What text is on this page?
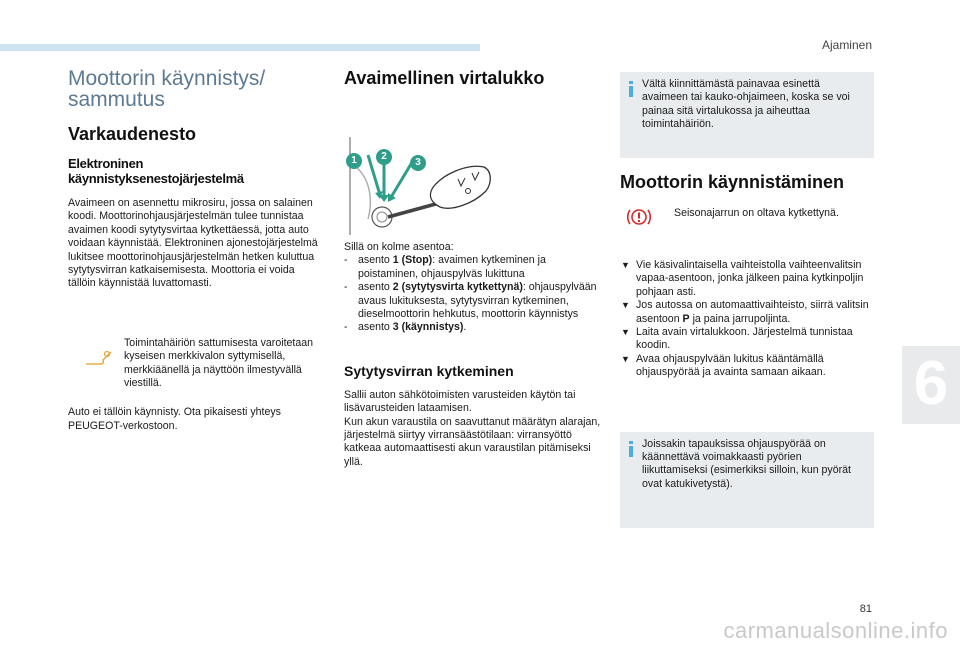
Ajaminen
6
81
carmanualsonline.info
Moottorin käynnistys/
sammutus
Varkaudenesto
Elektroninen käynnistyksenestojärjestelmä

Avaimeen on asennettu mikrosiru, jossa on salainen koodi. Moottorinohjausjärjestelmän tulee tunnistaa avaimen koodi sytytysvirtaa kytkettäessä, jotta auto voidaan käynnistää. Elektroninen ajonestojärjestelmä lukitsee moottorinohjausjärjestelmän hetken kuluttua sytytysvirran katkaisemisesta. Moottoria ei voida tällöin käynnistää luvattomasti.

Toimintahäiriön sattumisesta varoitetaan kyseisen merkkivalon syttymisellä, merkkiäänellä ja näyttöön ilmestyvällä viestillä.

Auto ei tällöin käynnisty. Ota pikaisesti yhteys PEUGEOT-verkostoon.

Avaimellinen virtalukko
1	2
3

Sillä on kolme asentoa:

- asento 1 (Stop): avaimen kytkeminen ja poistaminen, ohjauspylväs lukittuna
- asento 2 (sytytysvirta kytkettynä): ohjauspylvään avaus lukituksesta, sytytysvirran kytkeminen, dieselmoottorin hehkutus, moottorin käynnistys
- asento 3 (käynnistys).
Sytytysvirran kytkeminen

Sallii auton sähkötoimisten varusteiden käytön tai lisävarusteiden lataamisen.

Kun akun varaustila on saavuttanut määrätyn alarajan, järjestelmä siirtyy virransäästötilaan: virransyöttö katkeaa automaattisesti akun varaustilan pitämiseksi yllä.

Vältä kiinnittämästä painavaa esinettä avaimeen tai kauko-ohjaimeen, koska se voi painaa sitä virtalukossa ja aiheuttaa toimintahäiriön.

Moottorin käynnistäminen

Seisonajarrun on oltava kytkettynä.

▼ Vie käsivalintaisella vaihteistolla vaihteenvalitsin vapaa-asentoon, jonka jälkeen paina kytkinpoljin pohjaan asti.
▼ Jos autossa on automaattivaihteisto, siirrä valitsin asentoon P ja paina jarrupoljinta.
▼ Laita avain virtalukkoon. Järjestelmä tunnistaa koodin.
▼ Avaa ohjauspylvään lukitus kääntämällä ohjauspyörää ja avainta samaan aikaan.

Joissakin tapauksissa ohjauspyörää on käännettävä voimakkaasti pyörien liikuttamiseksi (esimerkiksi silloin, kun pyörät ovat katukivetystä).
